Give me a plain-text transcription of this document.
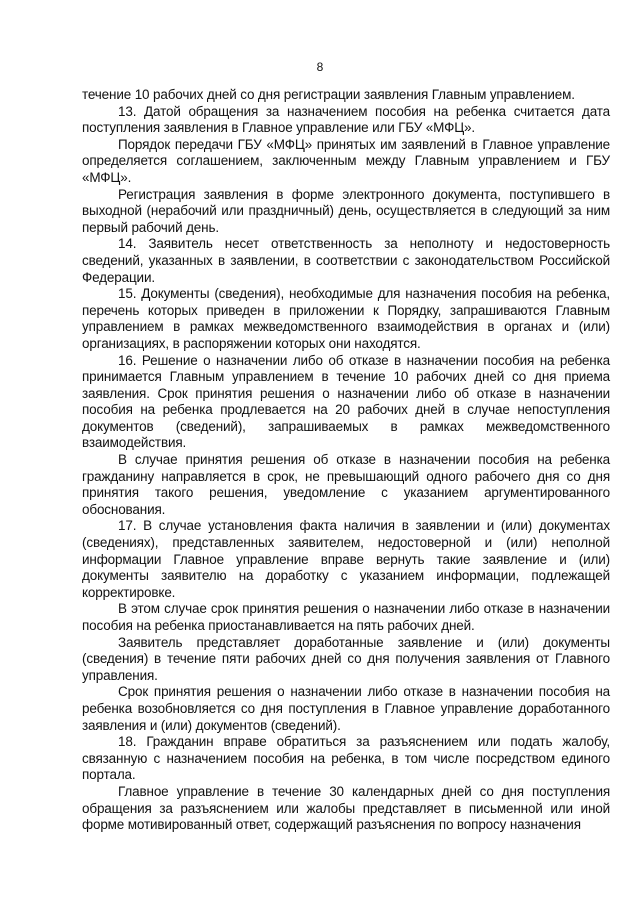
8

течение 10 рабочих дней со дня регистрации заявления Главным управлением.

13. Датой обращения за назначением пособия на ребенка считается дата поступления заявления в Главное управление или ГБУ «МФЦ».

Порядок передачи ГБУ «МФЦ» принятых им заявлений в Главное управление определяется соглашением, заключенным между Главным управлением и ГБУ «МФЦ».

Регистрация заявления в форме электронного документа, поступившего в выходной (нерабочий или праздничный) день, осуществляется в следующий за ним первый рабочий день.

14. Заявитель несет ответственность за неполноту и недостоверность сведений, указанных в заявлении, в соответствии с законодательством Российской Федерации.

15. Документы (сведения), необходимые для назначения пособия на ребенка, перечень которых приведен в приложении к Порядку, запрашиваются Главным управлением в рамках межведомственного взаимодействия в органах и (или) организациях, в распоряжении которых они находятся.

16. Решение о назначении либо об отказе в назначении пособия на ребенка принимается Главным управлением в течение 10 рабочих дней со дня приема заявления. Срок принятия решения о назначении либо об отказе в назначении пособия на ребенка продлевается на 20 рабочих дней в случае непоступления документов (сведений), запрашиваемых в рамках межведомственного взаимодействия.

В случае принятия решения об отказе в назначении пособия на ребенка гражданину направляется в срок, не превышающий одного рабочего дня со дня принятия такого решения, уведомление с указанием аргументированного обоснования.

17. В случае установления факта наличия в заявлении и (или) документах (сведениях), представленных заявителем, недостоверной и (или) неполной информации Главное управление вправе вернуть такие заявление и (или) документы заявителю на доработку с указанием информации, подлежащей корректировке.

В этом случае срок принятия решения о назначении либо отказе в назначении пособия на ребенка приостанавливается на пять рабочих дней.

Заявитель представляет доработанные заявление и (или) документы (сведения) в течение пяти рабочих дней со дня получения заявления от Главного управления.

Срок принятия решения о назначении либо отказе в назначении пособия на ребенка возобновляется со дня поступления в Главное управление доработанного заявления и (или) документов (сведений).

18. Гражданин вправе обратиться за разъяснением или подать жалобу, связанную с назначением пособия на ребенка, в том числе посредством единого портала.

Главное управление в течение 30 календарных дней со дня поступления обращения за разъяснением или жалобы представляет в письменной или иной форме мотивированный ответ, содержащий разъяснения по вопросу назначения
